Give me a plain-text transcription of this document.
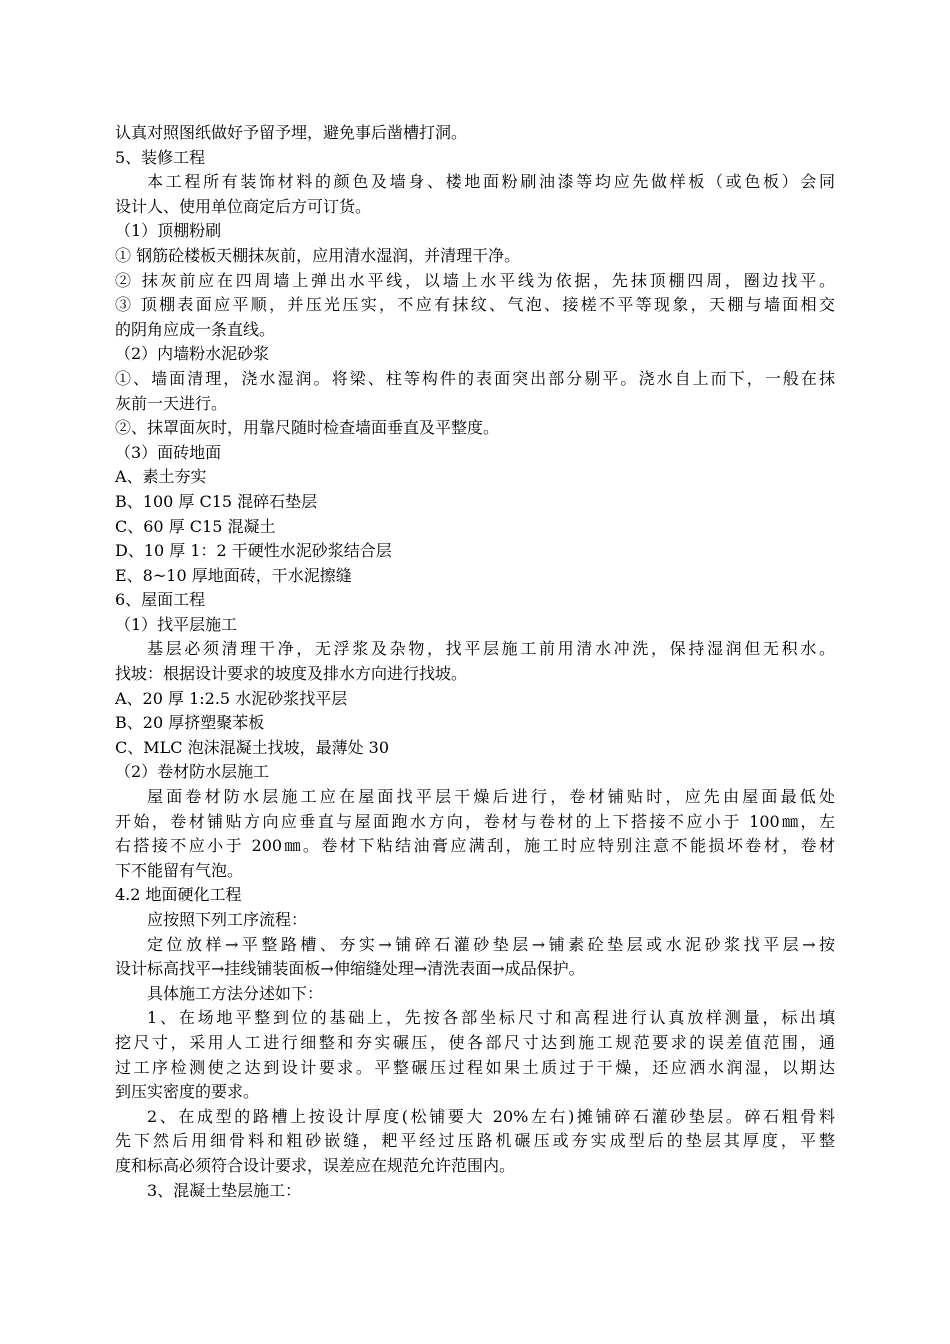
认真对照图纸做好予留予埋，避免事后凿槽打洞。
5、装修工程
本工程所有装饰材料的颜色及墙身、楼地面粉刷油漆等均应先做样板（或色板）会同
设计人、使用单位商定后方可订货。
（1）顶棚粉刷
① 钢筋砼楼板天棚抹灰前，应用清水湿润，并清理干净。
② 抹灰前应在四周墙上弹出水平线，以墙上水平线为依据，先抹顶棚四周，圈边找平。
③ 顶棚表面应平顺，并压光压实，不应有抹纹、气泡、接槎不平等现象，天棚与墙面相交
的阴角应成一条直线。
（2）内墙粉水泥砂浆
①、墙面清理，浇水湿润。将梁、柱等构件的表面突出部分剔平。浇水自上而下，一般在抹
灰前一天进行。
②、抹罩面灰时，用靠尺随时检查墙面垂直及平整度。
（3）面砖地面
A、素土夯实
B、100 厚 C15 混碎石垫层
C、60 厚 C15 混凝土
D、10 厚 1：2 干硬性水泥砂浆结合层
E、8~10 厚地面砖，干水泥擦缝
6、屋面工程
（1）找平层施工
基层必须清理干净，无浮浆及杂物，找平层施工前用清水冲洗，保持湿润但无积水。
找坡：根据设计要求的坡度及排水方向进行找坡。
A、20 厚 1:2.5 水泥砂浆找平层
B、20 厚挤塑聚苯板
C、MLC 泡沫混凝土找坡，最薄处 30
（2）卷材防水层施工
屋面卷材防水层施工应在屋面找平层干燥后进行，卷材铺贴时，应先由屋面最低处
开始，卷材铺贴方向应垂直与屋面跑水方向，卷材与卷材的上下搭接不应小于 100㎜，左
右搭接不应小于 200㎜。卷材下粘结油膏应满刮，施工时应特别注意不能损坏卷材，卷材
下不能留有气泡。
4.2 地面硬化工程
应按照下列工序流程：
定位放样→平整路槽、夯实→铺碎石灌砂垫层→铺素砼垫层或水泥砂浆找平层→按
设计标高找平→挂线铺装面板→伸缩缝处理→清洗表面→成品保护。
具体施工方法分述如下：
1、在场地平整到位的基础上，先按各部坐标尺寸和高程进行认真放样测量，标出填
挖尺寸，采用人工进行细整和夯实碾压，使各部尺寸达到施工规范要求的误差值范围，通
过工序检测使之达到设计要求。平整碾压过程如果土质过于干燥，还应洒水润湿，以期达
到压实密度的要求。
2、在成型的路槽上按设计厚度(松铺要大 20%左右)摊铺碎石灌砂垫层。碎石粗骨料
先下然后用细骨料和粗砂嵌缝，耙平经过压路机碾压或夯实成型后的垫层其厚度，平整
度和标高必须符合设计要求，误差应在规范允许范围内。
3、混凝土垫层施工：
